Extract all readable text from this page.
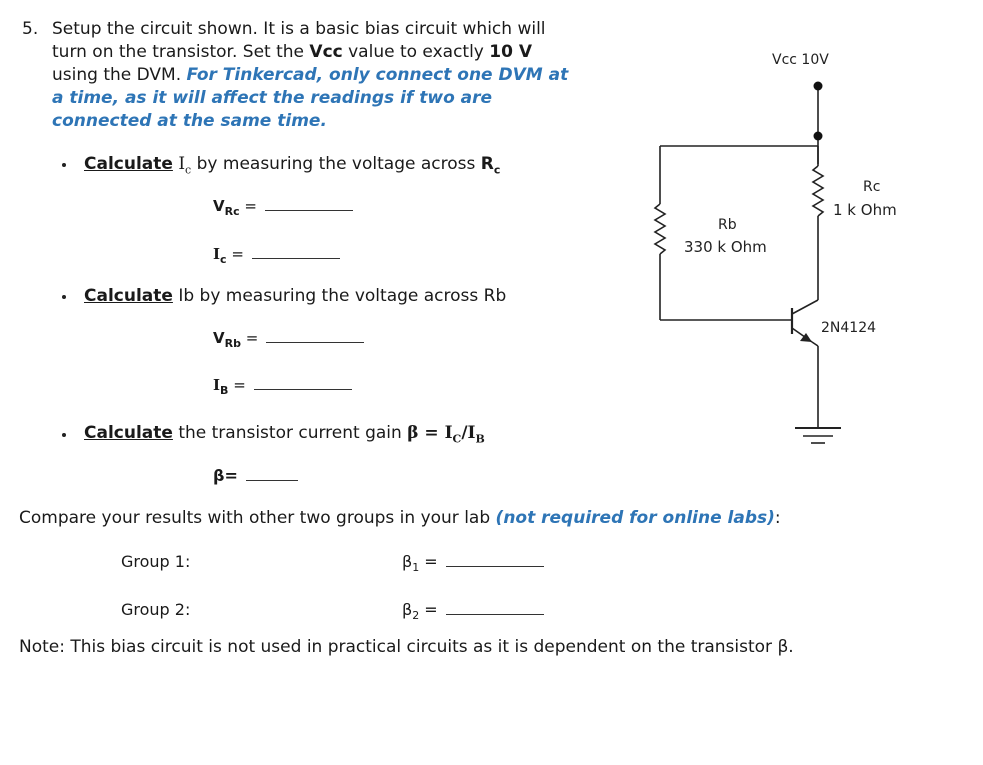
5. Setup the circuit shown. It is a basic bias circuit which will
turn on the transistor. Set the Vcc value to exactly 10 V
using the DVM. For Tinkercad, only connect one DVM at
a time, as it will affect the readings if two are
connected at the same time.
Calculate $I_c$ by measuring the voltage across $R_c$
$V_{Rc}$ =
$I_c$ =
Calculate Ib by measuring the voltage across Rb
$V_{Rb}$ =
$I_B$ =
Calculate the transistor current gain $\beta = I_C/I_B$
β=
Compare your results with other two groups in your lab (not required for online labs):
Group 1:	$\beta_1$ =
Group 2:	$\beta_2$ =
Note: This bias circuit is not used in practical circuits as it is dependent on the transistor β.
Vcc 10V
Rc
1 k Ohm
Rb
330 k Ohm
2N4124
